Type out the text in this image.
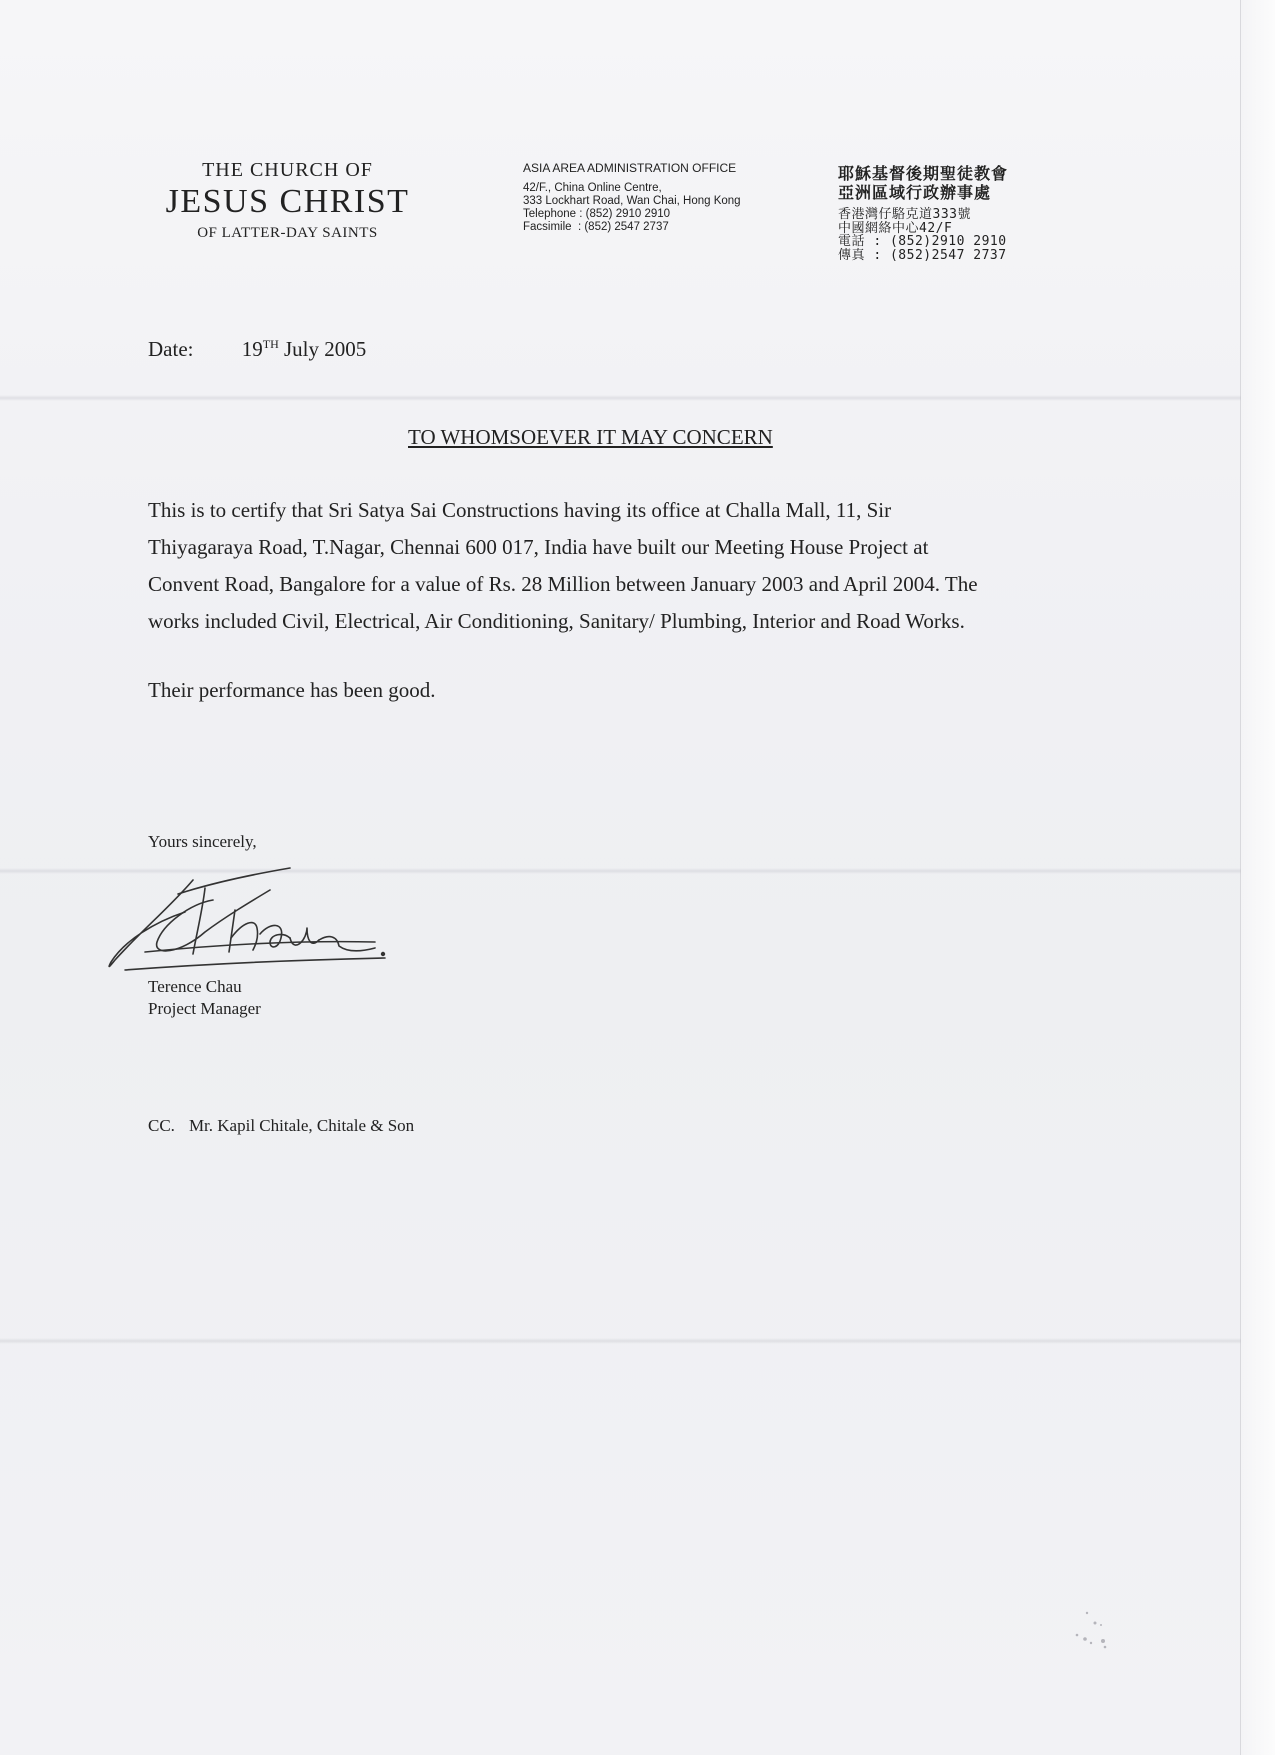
THE CHURCH OF
JESUS CHRIST
OF LATTER-DAY SAINTS
ASIA AREA ADMINISTRATION OFFICE
42/F., China Online Centre,
333 Lockhart Road, Wan Chai, Hong Kong
Telephone : (852) 2910 2910
Facsimile  : (852) 2547 2737
耶穌基督後期聖徒教會
亞洲區域行政辦事處
香港灣仔駱克道333號
中國網絡中心42/F
電話 : (852)2910 2910
傳真 : (852)2547 2737
Date: 19TH July 2005
TO WHOMSOEVER IT MAY CONCERN

This is to certify that Sri Satya Sai Constructions having its office at Challa Mall, 11, Sir

Thiyagaraya Road, T.Nagar, Chennai 600 017, India have built our Meeting House Project at

Convent Road, Bangalore for a value of Rs. 28 Million between January 2003 and April 2004. The

works included Civil, Electrical, Air Conditioning, Sanitary/ Plumbing, Interior and Road Works.

Their performance has been good.
Yours sincerely,
Terence Chau
Project Manager
CC. Mr. Kapil Chitale, Chitale & Son
